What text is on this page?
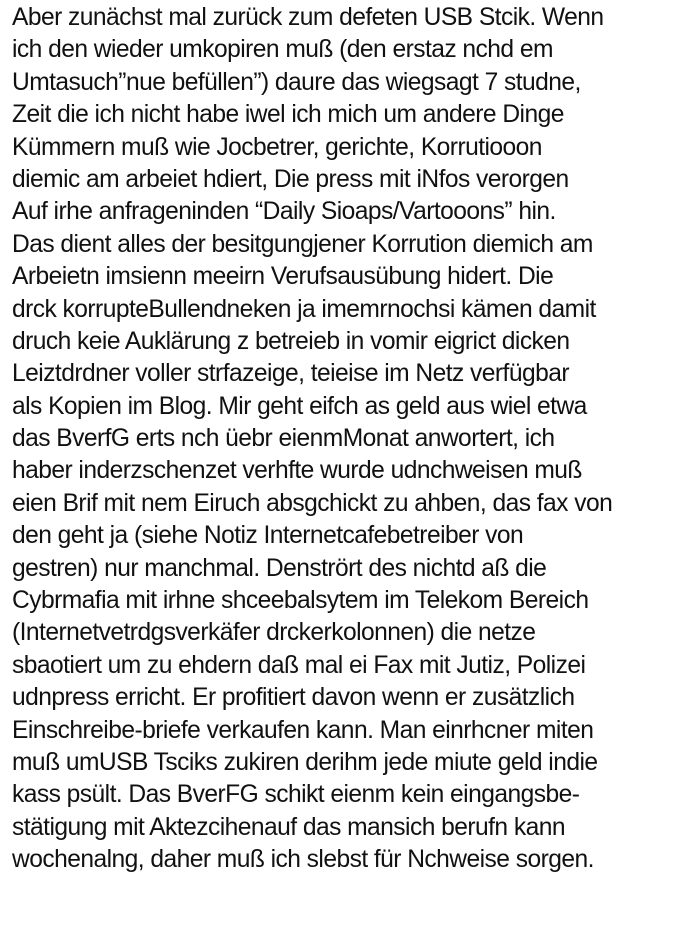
Aber zunächst mal zurück zum defeten USB Stcik. Wenn
ich den wieder umkopiren muß (den erstaz nchd em
Umtasuch”nue befüllen”) daure das wiegsagt 7 studne,
Zeit die ich nicht habe iwel ich mich um andere Dinge
Kümmern muß wie Jocbetrer, gerichte, Korrutiooon
diemic am arbeiet hdiert, Die press mit iNfos verorgen
Auf irhe anfrageninden “Daily Sioaps/Vartooons” hin.
Das dient alles der besitgungjener Korrution diemich am
Arbeietn imsienn meeirn Verufsausübung hidert. Die
drck korrupteBullendneken ja imemrnochsi kämen damit
druch keie Auklärung z betreieb in vomir eigrict dicken
Leiztdrdner voller strfazeige, teieise im Netz verfügbar
als Kopien im Blog. Mir geht eifch as geld aus wiel etwa
das BverfG erts nch üebr eienmMonat anwortert, ich
haber inderzschenzet verhfte wurde udnchweisen muß
eien Brif mit nem Eiruch absgchickt zu ahben, das fax von
den geht ja (siehe Notiz Internetcafebetreiber von
gestren) nur manchmal. Denstrört des nichtd aß die
Cybrmafia mit irhne shceebalsytem im Telekom Bereich
(Internetvetrdgsverkäfer drckerkolonnen) die netze
sbaotiert um zu ehdern daß mal ei Fax mit Jutiz, Polizei
udnpress erricht. Er profitiert davon wenn er zusätzlich
Einschreibe-briefe verkaufen kann. Man einrhcner miten
muß umUSB Tsciks zukiren derihm jede miute geld indie
kass psült. Das BverFG schikt eienm kein eingangsbe-
stätigung mit Aktezcihenauf das mansich berufn kann
wochenalng, daher muß ich slebst für Nchweise sorgen.
